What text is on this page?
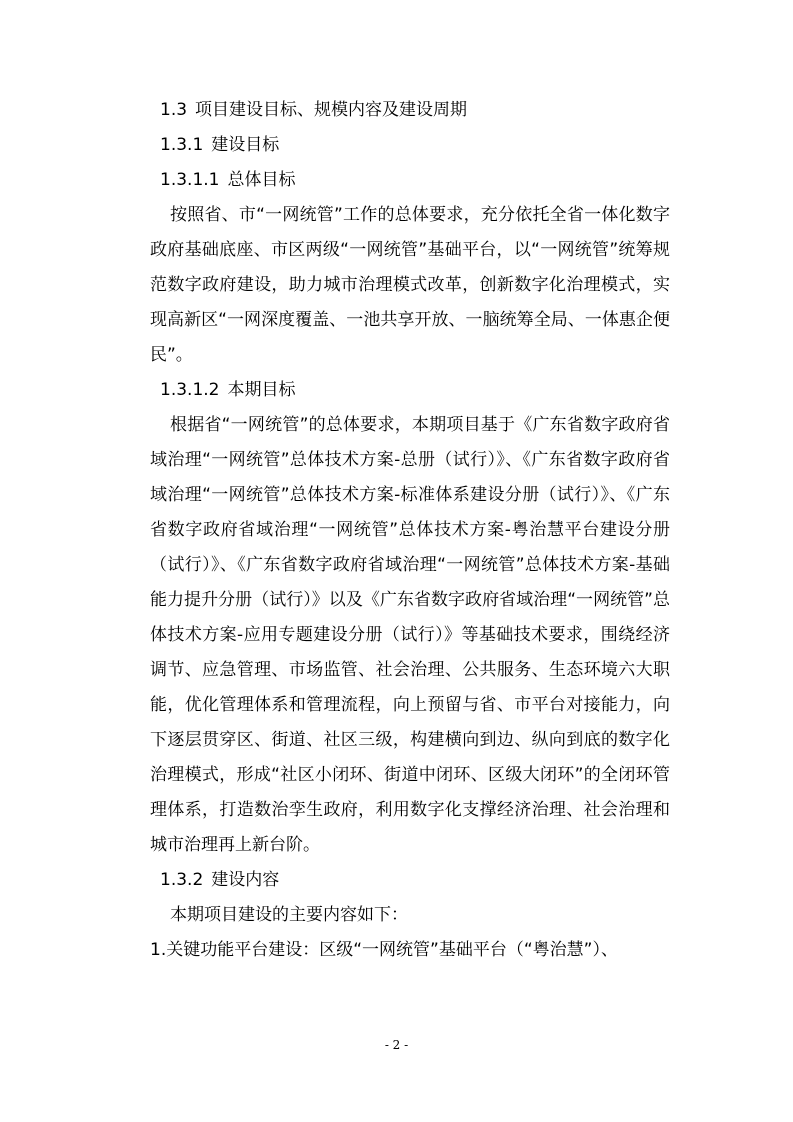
1.3 项目建设目标、规模内容及建设周期
1.3.1 建设目标
1.3.1.1 总体目标

按照省、市“一网统管”工作的总体要求，充分依托全省一体化数字政府基础底座、市区两级“一网统管”基础平台，以“一网统管”统筹规范数字政府建设，助力城市治理模式改革，创新数字化治理模式，实现高新区“一网深度覆盖、一池共享开放、一脑统筹全局、一体惠企便民”。

1.3.1.2 本期目标

根据省“一网统管”的总体要求，本期项目基于《广东省数字政府省域治理“一网统管”总体技术方案-总册（试行）》、《广东省数字政府省域治理“一网统管”总体技术方案-标准体系建设分册（试行）》、《广东省数字政府省域治理“一网统管”总体技术方案-粤治慧平台建设分册（试行）》、《广东省数字政府省域治理“一网统管”总体技术方案-基础能力提升分册（试行）》以及《广东省数字政府省域治理“一网统管”总体技术方案-应用专题建设分册（试行）》等基础技术要求，围绕经济调节、应急管理、市场监管、社会治理、公共服务、生态环境六大职能，优化管理体系和管理流程，向上预留与省、市平台对接能力，向下逐层贯穿区、街道、社区三级，构建横向到边、纵向到底的数字化治理模式，形成“社区小闭环、街道中闭环、区级大闭环”的全闭环管理体系，打造数治孪生政府，利用数字化支撑经济治理、社会治理和城市治理再上新台阶。

1.3.2 建设内容

本期项目建设的主要内容如下：

1.关键功能平台建设：区级“一网统管”基础平台（“粤治慧”）、

- 2 -
